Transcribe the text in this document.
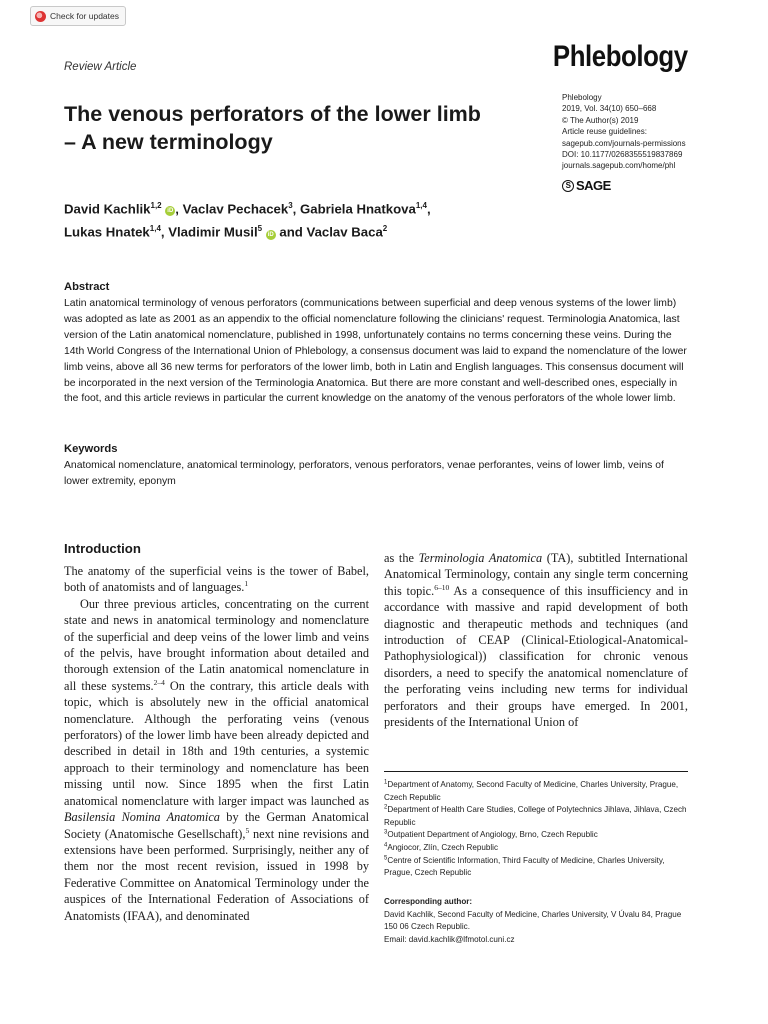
Check for updates
Review Article	Phlebology
The venous perforators of the lower limb – A new terminology
Phlebology
2019, Vol. 34(10) 650–668
© The Author(s) 2019
Article reuse guidelines:
sagepub.com/journals-permissions
DOI: 10.1177/0268355519837869
journals.sagepub.com/home/phl
S SAGE
David Kachlik$^{1,2}$ iD , Vaclav Pechacek$^3$, Gabriela Hnatkova$^{1,4}$,
Lukas Hnatek$^{1,4}$, Vladimir Musil$^5$ iD and Vaclav Baca$^2$
Abstract
Latin anatomical terminology of venous perforators (communications between superficial and deep venous systems of the lower limb) was adopted as late as 2001 as an appendix to the official nomenclature following the clinicians' request. Terminologia Anatomica, last version of the Latin anatomical nomenclature, published in 1998, unfortunately contains no terms concerning these veins. During the 14th World Congress of the International Union of Phlebology, a consensus document was laid to expand the nomenclature of the lower limb veins, above all 36 new terms for perforators of the lower limb, both in Latin and English languages. This consensus document will be incorporated in the next version of the Terminologia Anatomica. But there are more constant and well-described ones, especially in the foot, and this article reviews in particular the current knowledge on the anatomy of the venous perforators of the whole lower limb.
Keywords
Anatomical nomenclature, anatomical terminology, perforators, venous perforators, venae perforantes, veins of lower limb, veins of lower extremity, eponym
Introduction

The anatomy of the superficial veins is the tower of Babel, both of anatomists and of languages.$^1$

Our three previous articles, concentrating on the current state and news in anatomical terminology and nomenclature of the superficial and deep veins of the lower limb and veins of the pelvis, have brought information about detailed and thorough extension of the Latin anatomical nomenclature in all these systems.$^{2-4}$ On the contrary, this article deals with topic, which is absolutely new in the official anatomical nomenclature. Although the perforating veins (venous perforators) of the lower limb have been already depicted and described in detail in 18th and 19th centuries, a systemic approach to their terminology and nomenclature has been missing until now. Since 1895 when the first Latin anatomical nomenclature with larger impact was launched as Basilensia Nomina Anatomica by the German Anatomical Society (Anatomische Gesellschaft),$^5$ next nine revisions and extensions have been performed. Surprisingly, neither any of them nor the most recent revision, issued in 1998 by Federative Committee on Anatomical Terminology under the auspices of the International Federation of Associations of Anatomists (IFAA), and denominated

as the Terminologia Anatomica (TA), subtitled International Anatomical Terminology, contain any single term concerning this topic.$^{6-10}$ As a consequence of this insufficiency and in accordance with massive and rapid development of both diagnostic and therapeutic methods and techniques (and introduction of CEAP (Clinical-Etiological-Anatomical-Pathophysiological)) classification for chronic venous disorders, a need to specify the anatomical nomenclature of the perforating veins including new terms for individual perforators and their groups have emerged. In 2001, presidents of the International Union of

$^1$Department of Anatomy, Second Faculty of Medicine, Charles University, Prague, Czech Republic
$^2$Department of Health Care Studies, College of Polytechnics Jihlava, Jihlava, Czech Republic
$^3$Outpatient Department of Angiology, Brno, Czech Republic
$^4$Angiocor, Zlín, Czech Republic
$^5$Centre of Scientific Information, Third Faculty of Medicine, Charles University, Prague, Czech Republic
Corresponding author:
David Kachlik, Second Faculty of Medicine, Charles University, V Úvalu 84, Prague 150 06 Czech Republic.
Email: david.kachlik@lfmotol.cuni.cz
